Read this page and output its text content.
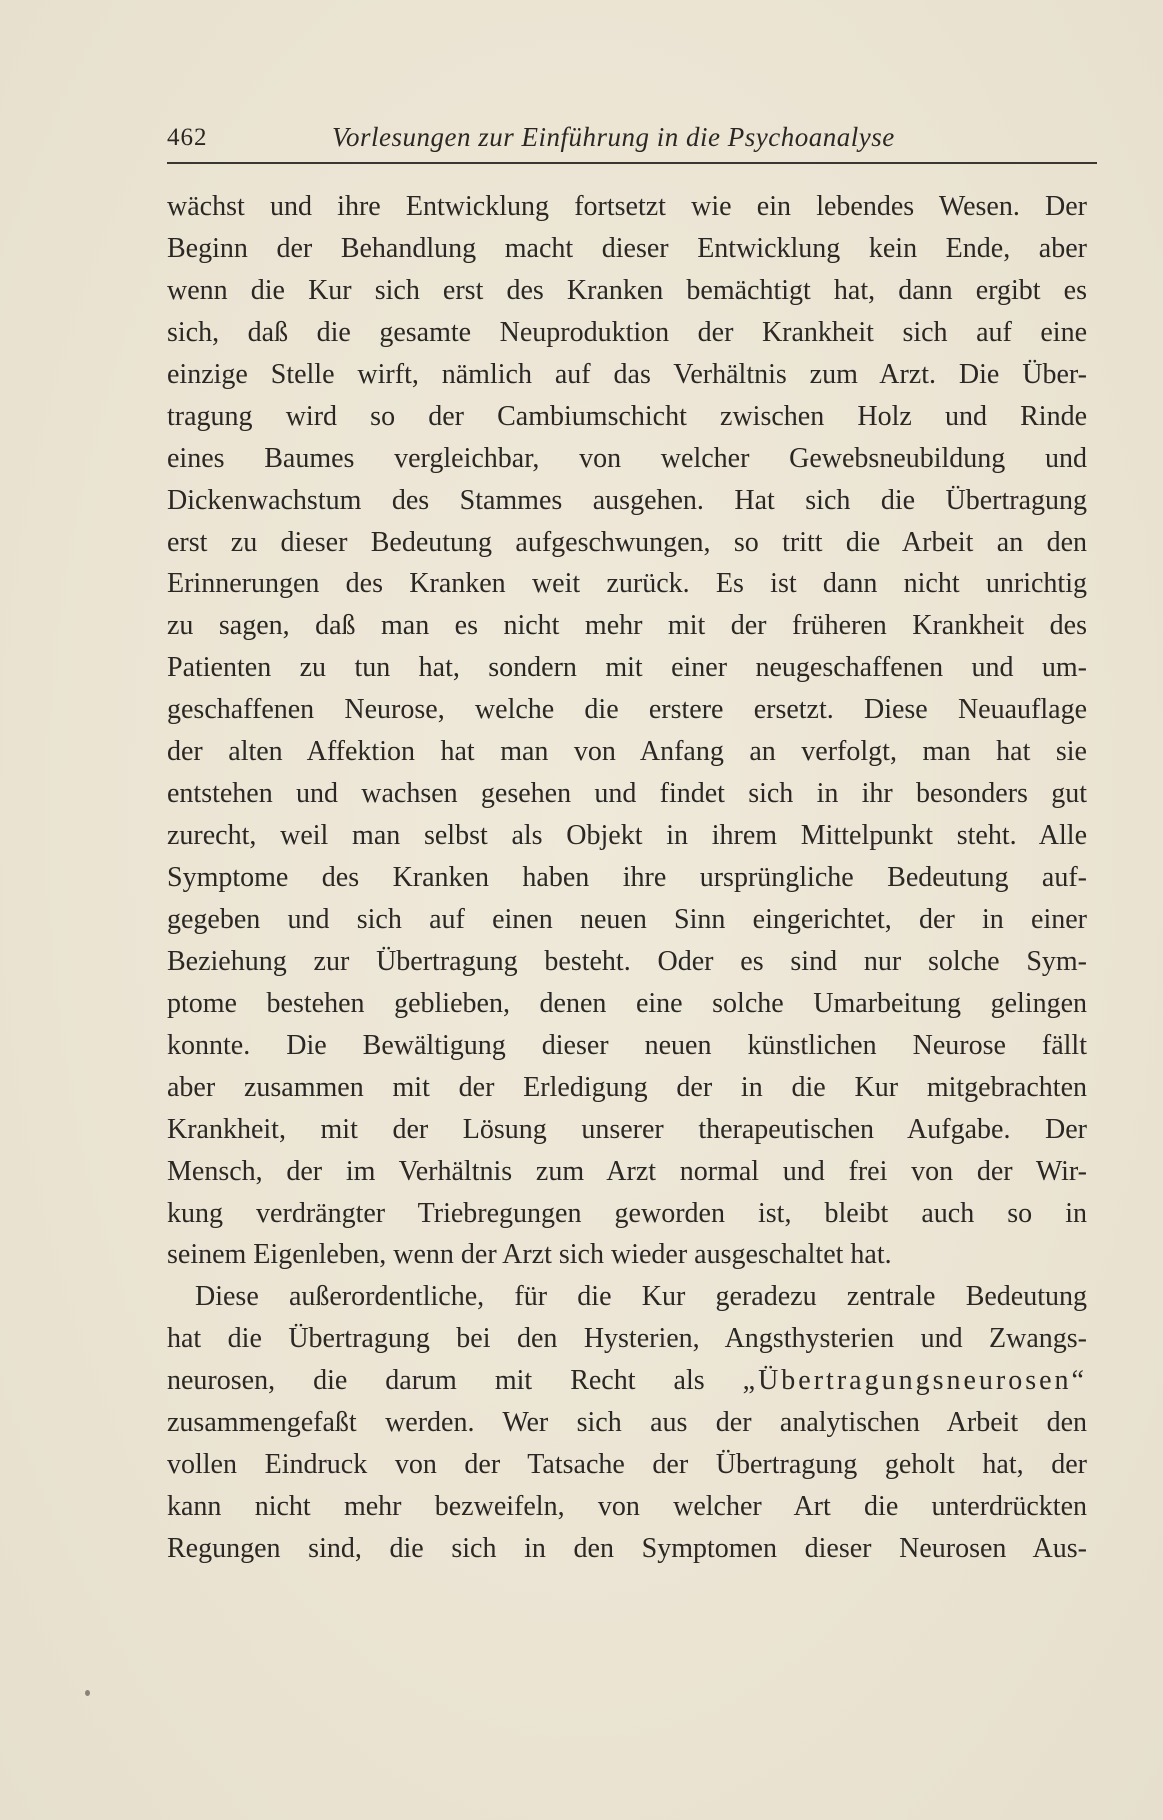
462	Vorlesungen zur Einführung in die Psychoanalyse
wächst und ihre Entwicklung fortsetzt wie ein lebendes Wesen. Der
Beginn der Behandlung macht dieser Entwicklung kein Ende, aber
wenn die Kur sich erst des Kranken bemächtigt hat, dann ergibt es
sich, daß die gesamte Neuproduktion der Krankheit sich auf eine
einzige Stelle wirft, nämlich auf das Verhältnis zum Arzt. Die Über-
tragung wird so der Cambiumschicht zwischen Holz und Rinde
eines Baumes vergleichbar, von welcher Gewebsneubildung und
Dickenwachstum des Stammes ausgehen. Hat sich die Übertragung
erst zu dieser Bedeutung aufgeschwungen, so tritt die Arbeit an den
Erinnerungen des Kranken weit zurück. Es ist dann nicht unrichtig
zu sagen, daß man es nicht mehr mit der früheren Krankheit des
Patienten zu tun hat, sondern mit einer neugeschaffenen und um-
geschaffenen Neurose, welche die erstere ersetzt. Diese Neuauflage
der alten Affektion hat man von Anfang an verfolgt, man hat sie
entstehen und wachsen gesehen und findet sich in ihr besonders gut
zurecht, weil man selbst als Objekt in ihrem Mittelpunkt steht. Alle
Symptome des Kranken haben ihre ursprüngliche Bedeutung auf-
gegeben und sich auf einen neuen Sinn eingerichtet, der in einer
Beziehung zur Übertragung besteht. Oder es sind nur solche Sym-
ptome bestehen geblieben, denen eine solche Umarbeitung gelingen
konnte. Die Bewältigung dieser neuen künstlichen Neurose fällt
aber zusammen mit der Erledigung der in die Kur mitgebrachten
Krankheit, mit der Lösung unserer therapeutischen Aufgabe. Der
Mensch, der im Verhältnis zum Arzt normal und frei von der Wir-
kung verdrängter Triebregungen geworden ist, bleibt auch so in
seinem Eigenleben, wenn der Arzt sich wieder ausgeschaltet hat.
Diese außerordentliche, für die Kur geradezu zentrale Bedeutung
hat die Übertragung bei den Hysterien, Angsthysterien und Zwangs-
neurosen, die darum mit Recht als „Übertragungsneurosen“
zusammengefaßt werden. Wer sich aus der analytischen Arbeit den
vollen Eindruck von der Tatsache der Übertragung geholt hat, der
kann nicht mehr bezweifeln, von welcher Art die unterdrückten
Regungen sind, die sich in den Symptomen dieser Neurosen Aus-
